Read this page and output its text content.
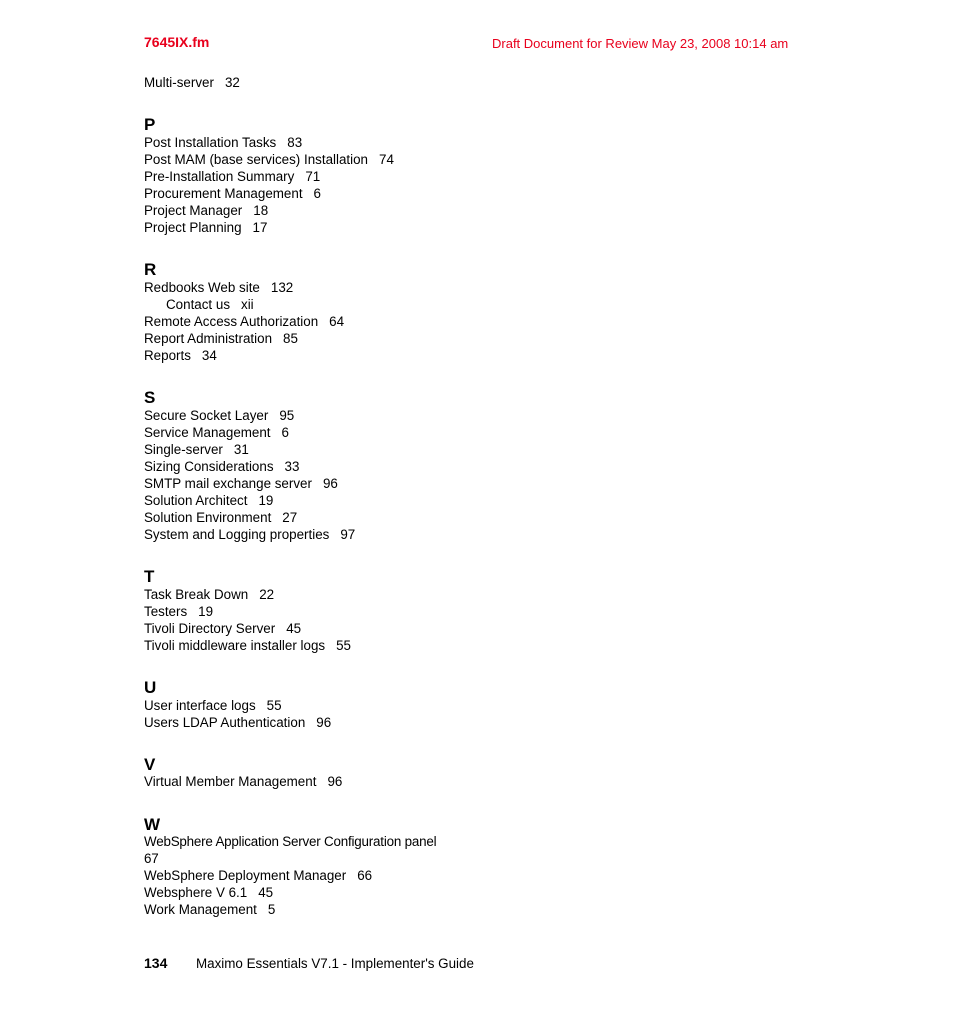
7645IX.fm	Draft Document for Review May 23, 2008 10:14 am
Multi-server 32
P
Post Installation Tasks 83
Post MAM (base services) Installation 74
Pre-Installation Summary 71
Procurement Management 6
Project Manager 18
Project Planning 17
R
Redbooks Web site 132
Contact us xii
Remote Access Authorization 64
Report Administration 85
Reports 34
S
Secure Socket Layer 95
Service Management 6
Single-server 31
Sizing Considerations 33
SMTP mail exchange server 96
Solution Architect 19
Solution Environment 27
System and Logging properties 97
T
Task Break Down 22
Testers 19
Tivoli Directory Server 45
Tivoli middleware installer logs 55
U
User interface logs 55
Users LDAP Authentication 96
V
Virtual Member Management 96
W
WebSphere Application Server Configuration panel
67
WebSphere Deployment Manager 66
Websphere V 6.1 45
Work Management 5
134 Maximo Essentials V7.1 - Implementer's Guide
